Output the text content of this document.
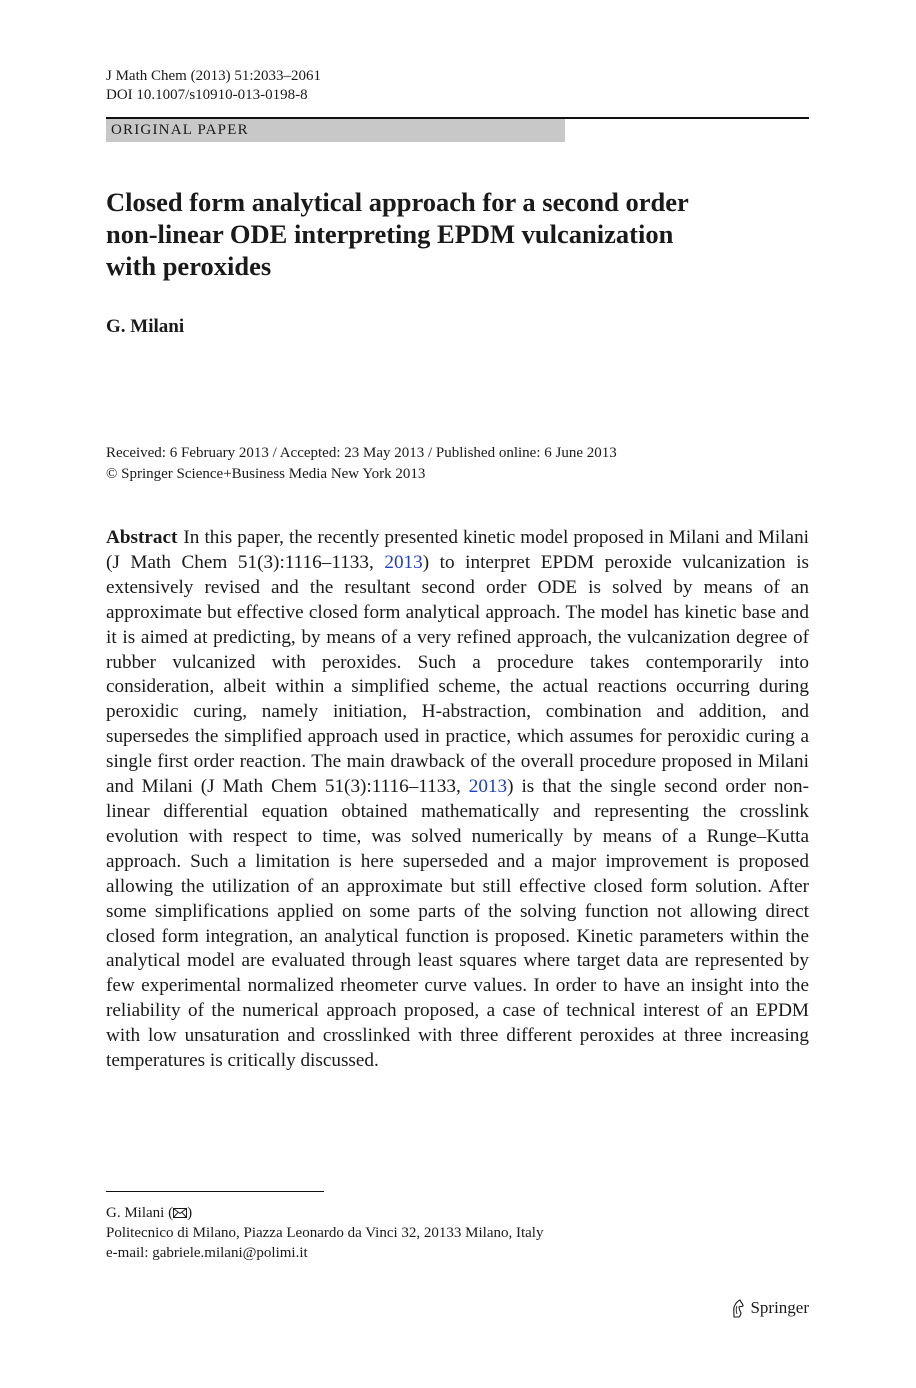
J Math Chem (2013) 51:2033–2061
DOI 10.1007/s10910-013-0198-8
ORIGINAL PAPER
Closed form analytical approach for a second order
non-linear ODE interpreting EPDM vulcanization
with peroxides
G. Milani
Received: 6 February 2013 / Accepted: 23 May 2013 / Published online: 6 June 2013
© Springer Science+Business Media New York 2013

Abstract In this paper, the recently presented kinetic model proposed in Milani and Milani (J Math Chem 51(3):1116–1133, 2013) to interpret EPDM peroxide vulcanization is extensively revised and the resultant second order ODE is solved by means of an approximate but effective closed form analytical approach. The model has kinetic base and it is aimed at predicting, by means of a very refined approach, the vulcanization degree of rubber vulcanized with peroxides. Such a procedure takes contemporarily into consideration, albeit within a simplified scheme, the actual reactions occurring during peroxidic curing, namely initiation, H-abstraction, combination and addition, and supersedes the simplified approach used in practice, which assumes for peroxidic curing a single first order reaction. The main drawback of the overall procedure proposed in Milani and Milani (J Math Chem 51(3):1116–1133, 2013) is that the single second order non-linear differential equation obtained mathematically and representing the crosslink evolution with respect to time, was solved numerically by means of a Runge–Kutta approach. Such a limitation is here superseded and a major improvement is proposed allowing the utilization of an approximate but still effective closed form solution. After some simplifications applied on some parts of the solving function not allowing direct closed form integration, an analytical function is proposed. Kinetic parameters within the analytical model are evaluated through least squares where target data are represented by few experimental normalized rheometer curve values. In order to have an insight into the reliability of the numerical approach proposed, a case of technical interest of an EPDM with low unsaturation and crosslinked with three different peroxides at three increasing temperatures is critically discussed.

G. Milani ( )
Politecnico di Milano, Piazza Leonardo da Vinci 32, 20133 Milano, Italy
e-mail: gabriele.milani@polimi.it
Springer
